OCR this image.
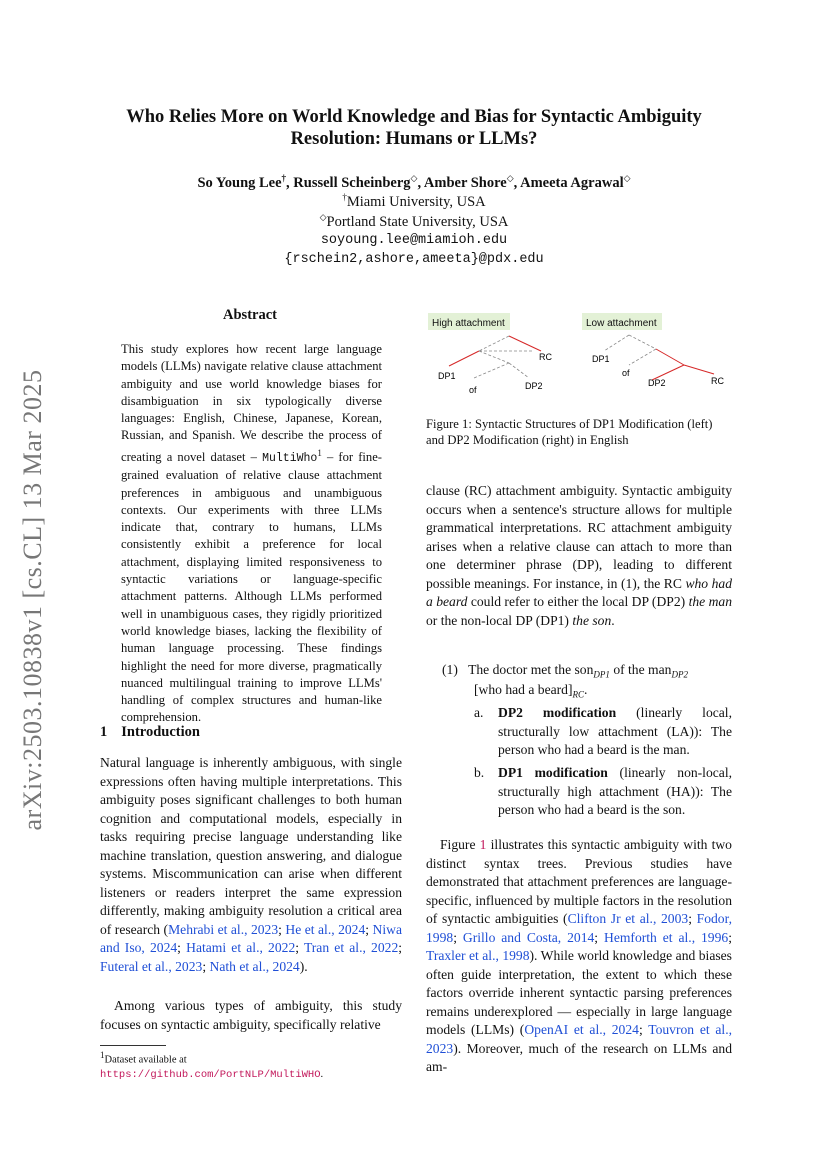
arXiv:2503.10838v1 [cs.CL] 13 Mar 2025
Who Relies More on World Knowledge and Bias for Syntactic Ambiguity
Resolution: Humans or LLMs?
So Young Lee†, Russell Scheinberg◇, Amber Shore◇, Ameeta Agrawal◇
†Miami University, USA
◇Portland State University, USA
soyoung.lee@miamioh.edu
{rschein2,ashore,ameeta}@pdx.edu
Abstract
This study explores how recent large language models (LLMs) navigate relative clause attachment ambiguity and use world knowledge biases for disambiguation in six typologically diverse languages: English, Chinese, Japanese, Korean, Russian, and Spanish. We describe the process of creating a novel dataset – MultiWho$^1$ – for fine-grained evaluation of relative clause attachment preferences in ambiguous and unambiguous contexts. Our experiments with three LLMs indicate that, contrary to humans, LLMs consistently exhibit a preference for local attachment, displaying limited responsiveness to syntactic variations or language-specific attachment patterns. Although LLMs performed well in unambiguous cases, they rigidly prioritized world knowledge biases, lacking the flexibility of human language processing. These findings highlight the need for more diverse, pragmatically nuanced multilingual training to improve LLMs' handling of complex structures and human-like comprehension.
1 Introduction
Natural language is inherently ambiguous, with single expressions often having multiple interpretations. This ambiguity poses significant challenges to both human cognition and computational models, especially in tasks requiring precise language understanding like machine translation, question answering, and dialogue systems. Miscommunication can arise when different listeners or readers interpret the same expression differently, making ambiguity resolution a critical area of research (Mehrabi et al., 2023; He et al., 2024; Niwa and Iso, 2024; Hatami et al., 2022; Tran et al., 2022; Futeral et al., 2023; Nath et al., 2024).
Among various types of ambiguity, this study focuses on syntactic ambiguity, specifically relative
$^1$Dataset available at https://github.com/PortNLP/MultiWHO.
High attachment
DP1
of	DP2
RC
Low attachment
DP1
of
DP2	RC
Figure 1: Syntactic Structures of DP1 Modification (left) and DP2 Modification (right) in English
clause (RC) attachment ambiguity. Syntactic ambiguity occurs when a sentence's structure allows for multiple grammatical interpretations. RC attachment ambiguity arises when a relative clause can attach to more than one determiner phrase (DP), leading to different possible meanings. For instance, in (1), the RC who had a beard could refer to either the local DP (DP2) the man or the non-local DP (DP1) the son.
(1) The doctor met the son$_{DP1}$ of the man$_{DP2}$
[who had a $beard]_{RC}$.
a.	DP2 modification (linearly local, structurally low attachment (LA)): The person who had a beard is the man.
b.	DP1 modification (linearly non-local, structurally high attachment (HA)): The person who had a beard is the son.
Figure 1 illustrates this syntactic ambiguity with two distinct syntax trees. Previous studies have demonstrated that attachment preferences are language-specific, influenced by multiple factors in the resolution of syntactic ambiguities (Clifton Jr et al., 2003; Fodor, 1998; Grillo and Costa, 2014; Hemforth et al., 1996; Traxler et al., 1998). While world knowledge and biases often guide interpretation, the extent to which these factors override inherent syntactic parsing preferences remains underexplored — especially in large language models (LLMs) (OpenAI et al., 2024; Touvron et al., 2023). Moreover, much of the research on LLMs and am-
